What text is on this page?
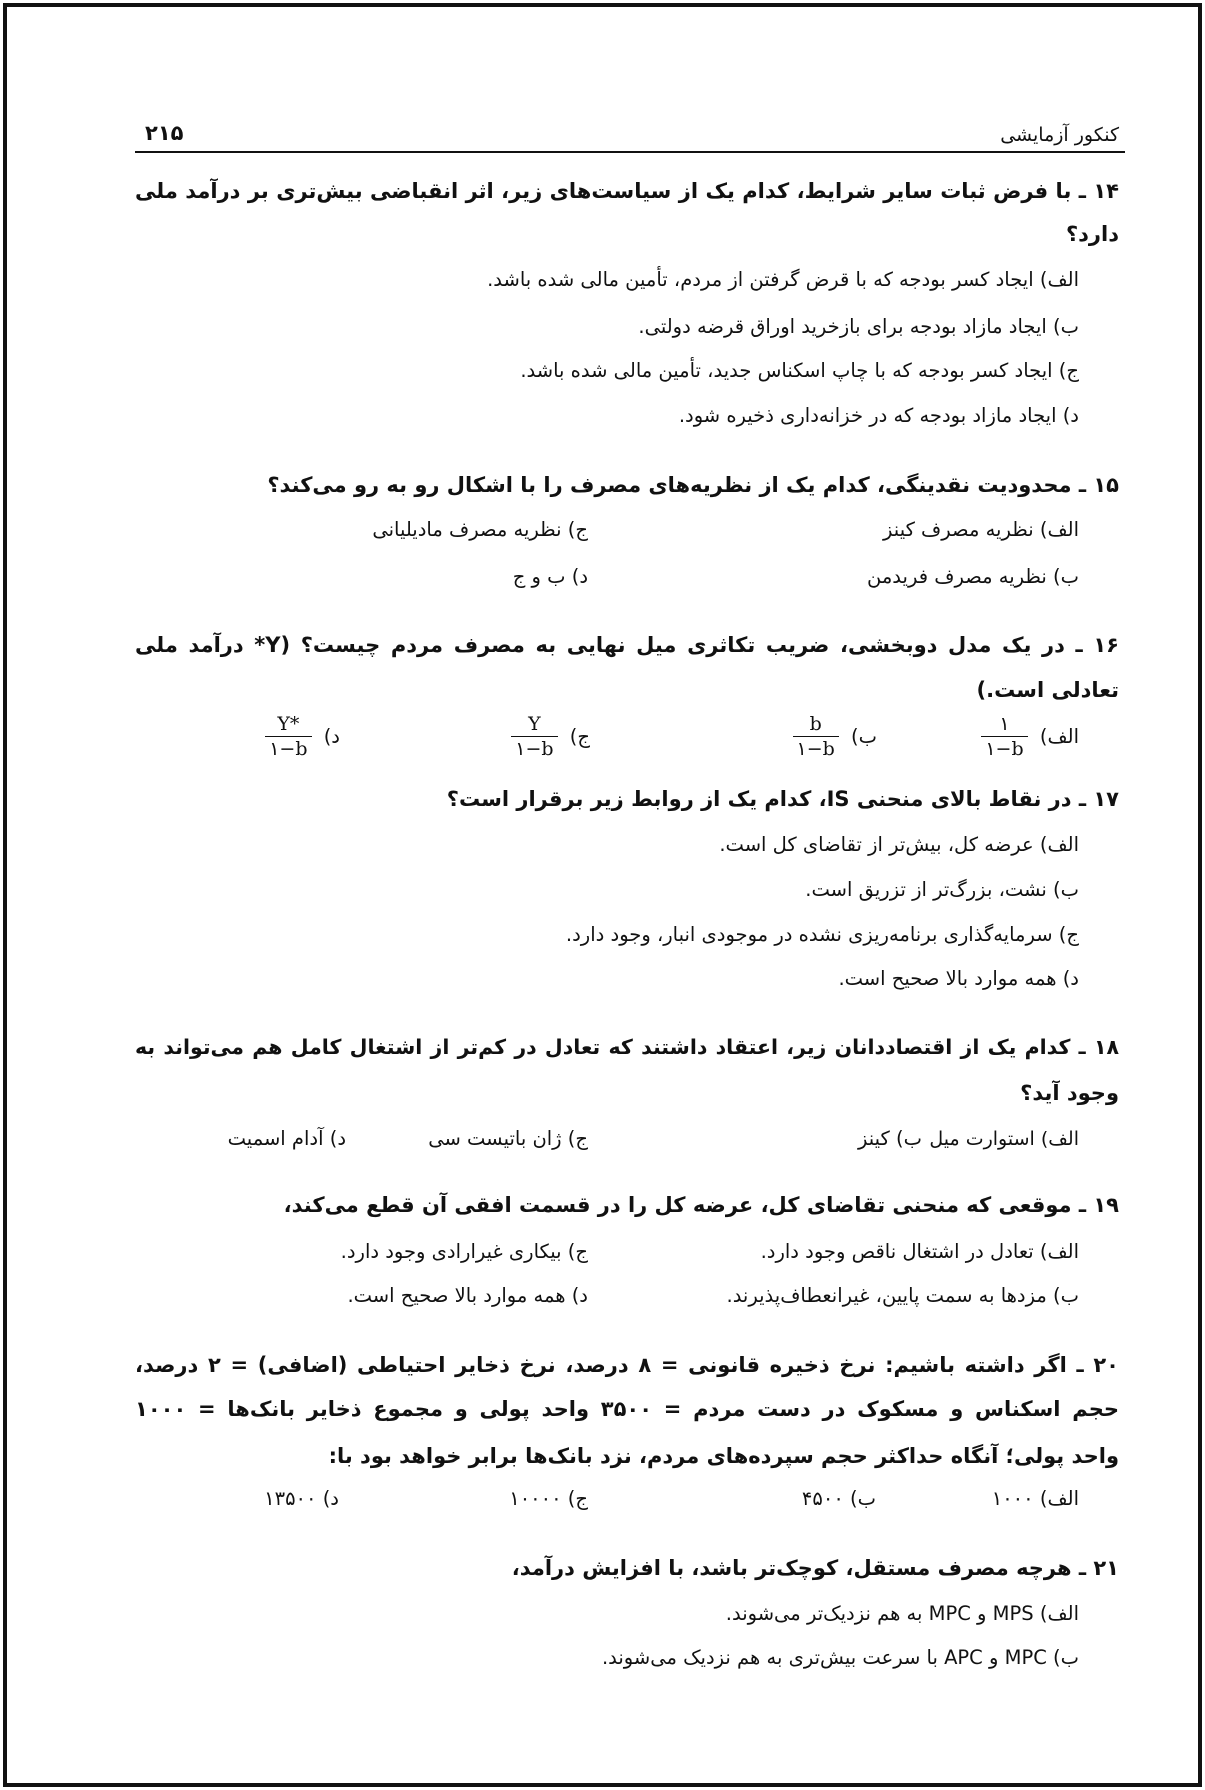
کنکور آزمایشی
۲۱۵
۱۴ ـ با فرض ثبات سایر شرایط، کدام یک از سیاست‌های زیر، اثر انقباضی بیش‌تری بر درآمد ملی
دارد؟
الف) ایجاد کسر بودجه که با قرض گرفتن از مردم، تأمین مالی شده باشد.
ب) ایجاد مازاد بودجه برای بازخرید اوراق قرضه دولتی.
ج) ایجاد کسر بودجه که با چاپ اسکناس جدید، تأمین مالی شده باشد.
د) ایجاد مازاد بودجه که در خزانه‌داری ذخیره شود.
۱۵ ـ محدودیت نقدینگی، کدام یک از نظریه‌های مصرف را با اشکال رو به رو می‌کند؟
الف) نظریه مصرف کینز
ب) نظریه مصرف فریدمن
ج) نظریه مصرف مادیلیانی
د) ب و ج
۱۶ ـ در یک مدل دوبخشی، ضریب تکاثری میل نهایی به مصرف مردم چیست؟ (Y* درآمد ملی
تعادلی است.)
الف)
$\frac{۱}{۱-b}$
ب)
$\frac{b}{۱-b}$
ج)
$\frac{Y}{۱-b}$
د)
$\frac{Y*}{۱-b}$
۱۷ ـ در نقاط بالای منحنی IS، کدام یک از روابط زیر برقرار است؟
الف) عرضه کل، بیش‌تر از تقاضای کل است.
ب) نشت، بزرگ‌تر از تزریق است.
ج) سرمایه‌گذاری برنامه‌ریزی نشده در موجودی انبار، وجود دارد.
د) همه موارد بالا صحیح است.
۱۸ ـ کدام یک از اقتصاددانان زیر، اعتقاد داشتند که تعادل در کم‌تر از اشتغال کامل هم می‌تواند به
وجود آید؟
الف) استوارت میل
ب) کینز
ج) ژان باتیست سی
د) آدام اسمیت
۱۹ ـ موقعی که منحنی تقاضای کل، عرضه کل را در قسمت افقی آن قطع می‌کند،
الف) تعادل در اشتغال ناقص وجود دارد.
ب) مزدها به سمت پایین، غیرانعطاف‌پذیرند.
ج) بیکاری غیرارادی وجود دارد.
د) همه موارد بالا صحیح است.
۲۰ ـ اگر داشته باشیم: نرخ ذخیره قانونی = ۸ درصد، نرخ ذخایر احتیاطی (اضافی) = ۲ درصد،
حجم اسکناس و مسکوک در دست مردم = ۳۵۰۰ واحد پولی و مجموع ذخایر بانک‌ها = ۱۰۰۰
واحد پولی؛ آنگاه حداکثر حجم سپرده‌های مردم، نزد بانک‌ها برابر خواهد بود با:
الف) ۱۰۰۰
ب) ۴۵۰۰
ج) ۱۰۰۰۰
د) ۱۳۵۰۰
۲۱ ـ هرچه مصرف مستقل، کوچک‌تر باشد، با افزایش درآمد،
الف) MPS و MPC به هم نزدیک‌تر می‌شوند.
ب) MPC و APC با سرعت بیش‌تری به هم نزدیک می‌شوند.
